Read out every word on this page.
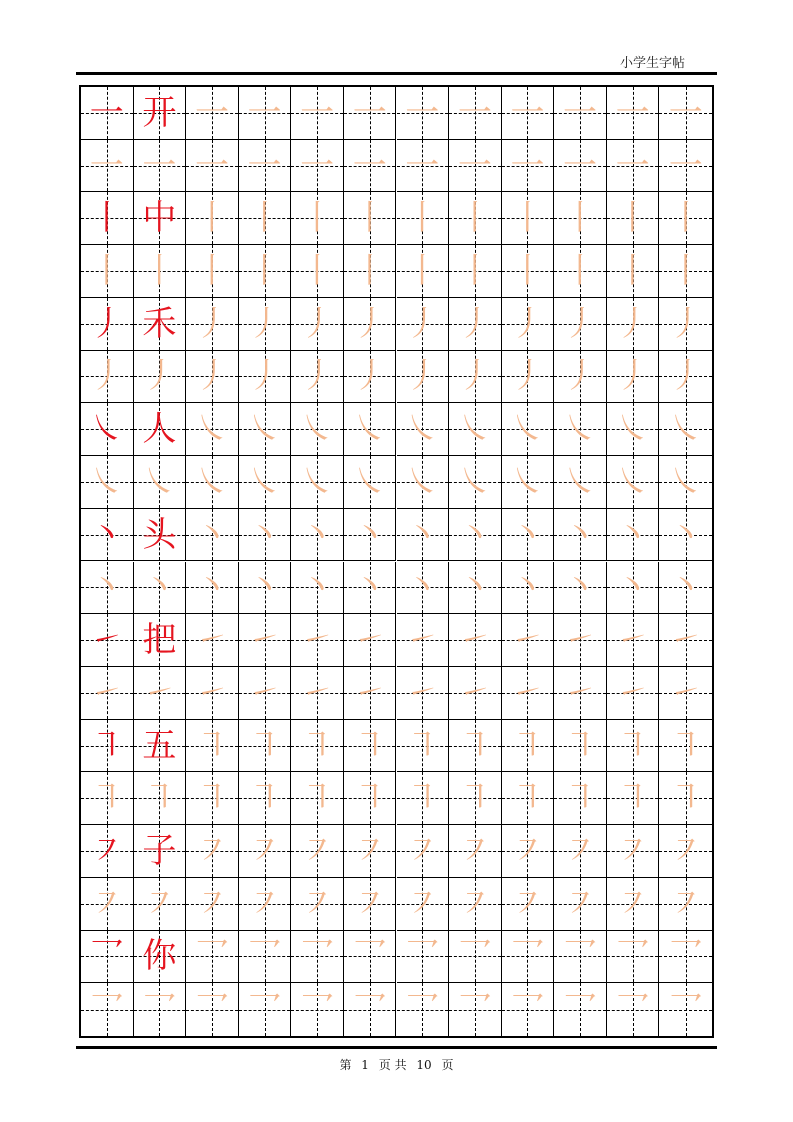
小学生字帖
一 开 一 一 一 一 一 一 一 一 一 一
一 一 一 一 一 一 一 一 一 一 一 一
丨 中 丨 丨 丨 丨 丨 丨 丨 丨 丨 丨
丨 丨 丨 丨 丨 丨 丨 丨 丨 丨 丨 丨
丿 禾 丿 丿 丿 丿 丿 丿 丿 丿 丿 丿
丿 丿 丿 丿 丿 丿 丿 丿 丿 丿 丿 丿
㇏ 人 ㇏ ㇏ ㇏ ㇏ ㇏ ㇏ ㇏ ㇏ ㇏ ㇏
㇏ ㇏ ㇏ ㇏ ㇏ ㇏ ㇏ ㇏ ㇏ ㇏ ㇏ ㇏
丶 头 丶 丶 丶 丶 丶 丶 丶 丶 丶 丶
丶 丶 丶 丶 丶 丶 丶 丶 丶 丶 丶 丶
㇀ 把 ㇀ ㇀ ㇀ ㇀ ㇀ ㇀ ㇀ ㇀ ㇀ ㇀
㇀ ㇀ ㇀ ㇀ ㇀ ㇀ ㇀ ㇀ ㇀ ㇀ ㇀ ㇀
㇕ 五 ㇕ ㇕ ㇕ ㇕ ㇕ ㇕ ㇕ ㇕ ㇕ ㇕
㇕ ㇕ ㇕ ㇕ ㇕ ㇕ ㇕ ㇕ ㇕ ㇕ ㇕ ㇕
㇇ 子 ㇇ ㇇ ㇇ ㇇ ㇇ ㇇ ㇇ ㇇ ㇇ ㇇
㇇ ㇇ ㇇ ㇇ ㇇ ㇇ ㇇ ㇇ ㇇ ㇇ ㇇ ㇇
乛 你 乛 乛 乛 乛 乛 乛 乛 乛 乛 乛
乛 乛 乛 乛 乛 乛 乛 乛 乛 乛 乛 乛
第 1 页 共 10 页
